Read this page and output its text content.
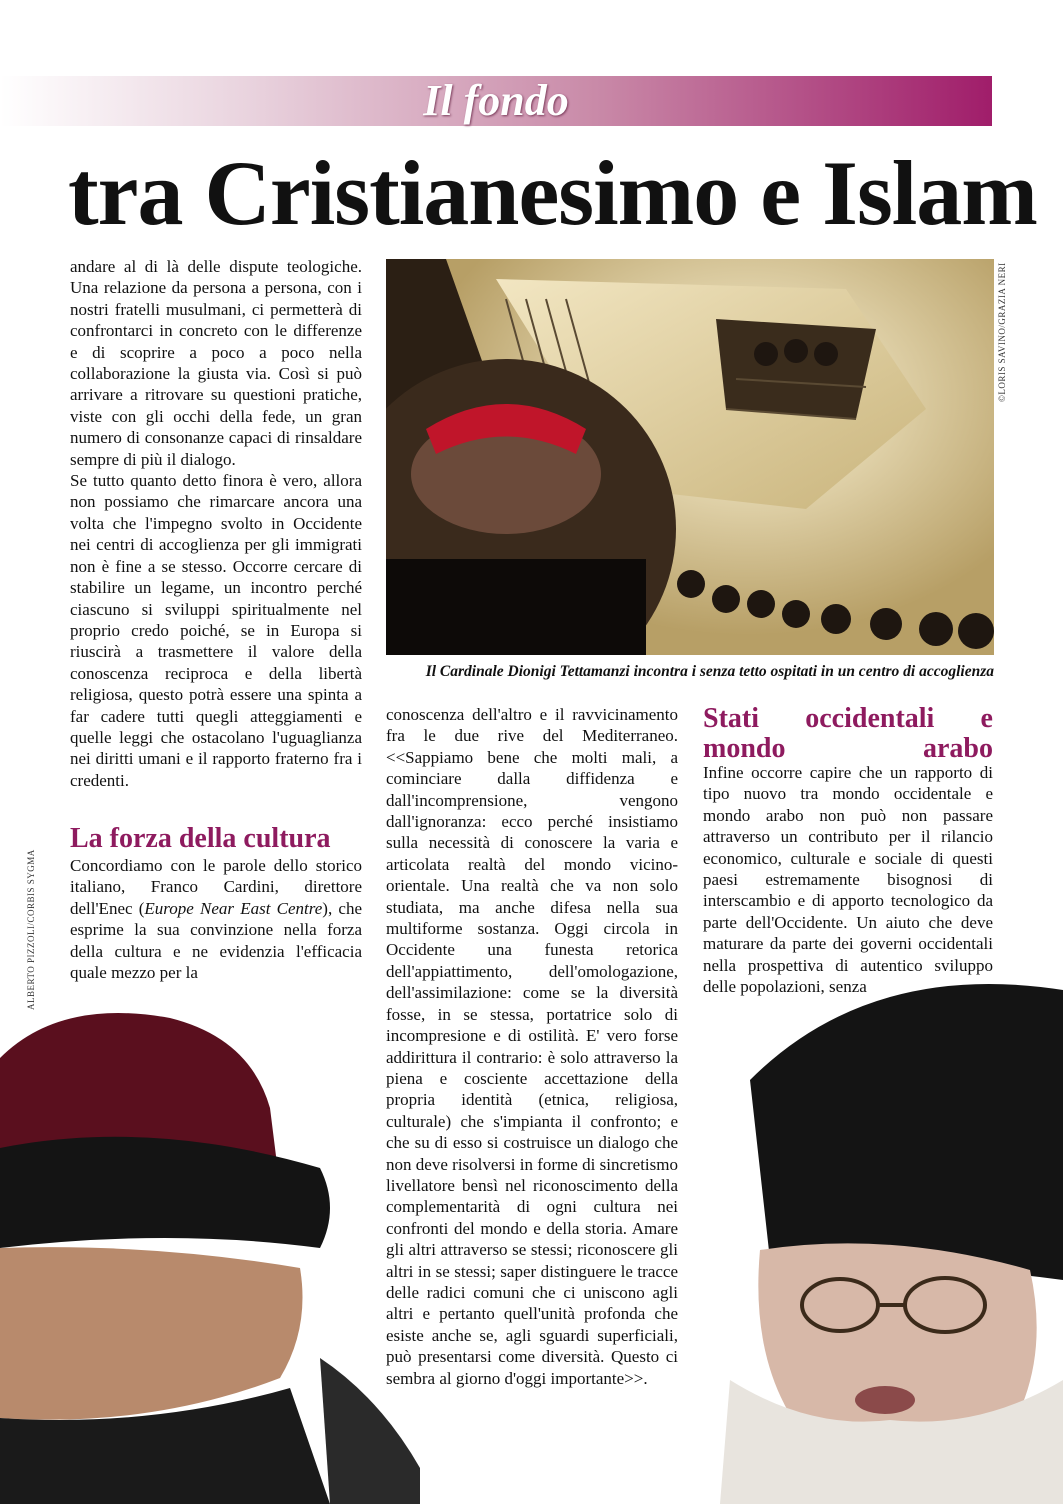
Il fondo
tra Cristianesimo e Islam

andare al di là delle dispute teologiche. Una relazione da persona a persona, con i nostri fratelli musulmani, ci permetterà di confrontarci in concreto con le differenze e di scoprire a poco a poco nella collaborazione la giusta via. Così si può arrivare a ritrovare su questioni pratiche, viste con gli occhi della fede, un gran numero di consonanze capaci di rinsaldare sempre di più il dialogo.

Se tutto quanto detto finora è vero, allora non possiamo che rimarcare ancora una volta che l'impegno svolto in Occidente nei centri di accoglienza per gli immigrati non è fine a se stesso. Occorre cercare di stabilire un legame, un incontro perché ciascuno si sviluppi spiritualmente nel proprio credo poiché, se in Europa si riuscirà a trasmettere il valore della conoscenza reciproca e della libertà religiosa, questo potrà essere una spinta a far cadere tutti quegli atteggiamenti e quelle leggi che ostacolano l'uguaglianza nei diritti umani e il rapporto fraterno fra i credenti.

La forza della cultura

Concordiamo con le parole dello storico italiano, Franco Cardini, direttore dell'Enec (Europe Near East Centre), che esprime la sua convinzione nella forza della cultura e ne evidenzia l'efficacia quale mezzo per la

Il Cardinale Dionigi Tettamanzi incontra i senza tetto ospitati in un centro di accoglienza
©LORIS SAVINO/GRAZIA NERI
ALBERTO PIZZOLI/CORBIS SYGMA

conoscenza dell'altro e il ravvicinamento fra le due rive del Mediterraneo. <<Sappiamo bene che molti mali, a cominciare dalla diffidenza e dall'incomprensione, vengono dall'ignoranza: ecco perché insistiamo sulla necessità di conoscere la varia e articolata realtà del mondo vicino-orientale. Una realtà che va non solo studiata, ma anche difesa nella sua multiforme sostanza. Oggi circola in Occidente una funesta retorica dell'appiattimento, dell'omologazione, dell'assimilazione: come se la diversità fosse, in se stessa, portatrice solo di incompresione e di ostilità. E' vero forse addirittura il contrario: è solo attraverso la piena e cosciente accettazione della propria identità (etnica, religiosa, culturale) che s'impianta il confronto; e che su di esso si costruisce un dialogo che non deve risolversi in forme di sincretismo livellatore bensì nel riconoscimento della complementarità di ogni cultura nei confronti del mondo e della storia. Amare gli altri attraverso se stessi; riconoscere gli altri in se stessi; saper distinguere le tracce delle radici comuni che ci uniscono agli altri e pertanto quell'unità profonda che esiste anche se, agli sguardi superficiali, può presentarsi come diversità. Questo ci sembra al giorno d'oggi importante>>.

Stati occidentali e mondo arabo

Infine occorre capire che un rapporto di tipo nuovo tra mondo occidentale e mondo arabo non può non passare attraverso un contributo per il rilancio economico, culturale e sociale di questi paesi estremamente bisognosi di interscambio e di apporto tecnologico da parte dell'Occidente. Un aiuto che deve maturare da parte dei governi occidentali nella prospettiva di autentico sviluppo delle popolazioni, senza
